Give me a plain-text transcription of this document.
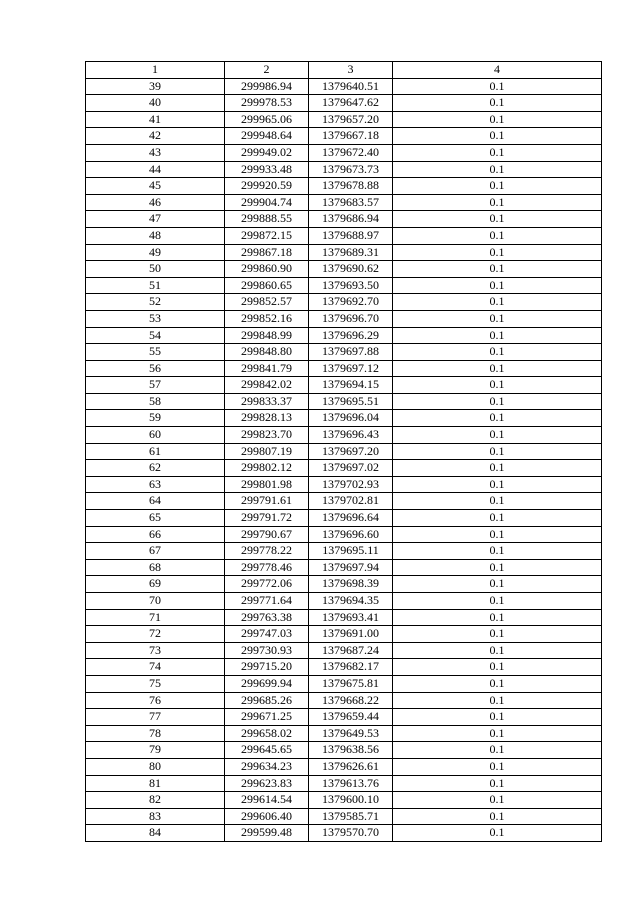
1	2	3	4
39	299986.94	1379640.51	0.1
40	299978.53	1379647.62	0.1
41	299965.06	1379657.20	0.1
42	299948.64	1379667.18	0.1
43	299949.02	1379672.40	0.1
44	299933.48	1379673.73	0.1
45	299920.59	1379678.88	0.1
46	299904.74	1379683.57	0.1
47	299888.55	1379686.94	0.1
48	299872.15	1379688.97	0.1
49	299867.18	1379689.31	0.1
50	299860.90	1379690.62	0.1
51	299860.65	1379693.50	0.1
52	299852.57	1379692.70	0.1
53	299852.16	1379696.70	0.1
54	299848.99	1379696.29	0.1
55	299848.80	1379697.88	0.1
56	299841.79	1379697.12	0.1
57	299842.02	1379694.15	0.1
58	299833.37	1379695.51	0.1
59	299828.13	1379696.04	0.1
60	299823.70	1379696.43	0.1
61	299807.19	1379697.20	0.1
62	299802.12	1379697.02	0.1
63	299801.98	1379702.93	0.1
64	299791.61	1379702.81	0.1
65	299791.72	1379696.64	0.1
66	299790.67	1379696.60	0.1
67	299778.22	1379695.11	0.1
68	299778.46	1379697.94	0.1
69	299772.06	1379698.39	0.1
70	299771.64	1379694.35	0.1
71	299763.38	1379693.41	0.1
72	299747.03	1379691.00	0.1
73	299730.93	1379687.24	0.1
74	299715.20	1379682.17	0.1
75	299699.94	1379675.81	0.1
76	299685.26	1379668.22	0.1
77	299671.25	1379659.44	0.1
78	299658.02	1379649.53	0.1
79	299645.65	1379638.56	0.1
80	299634.23	1379626.61	0.1
81	299623.83	1379613.76	0.1
82	299614.54	1379600.10	0.1
83	299606.40	1379585.71	0.1
84	299599.48	1379570.70	0.1
